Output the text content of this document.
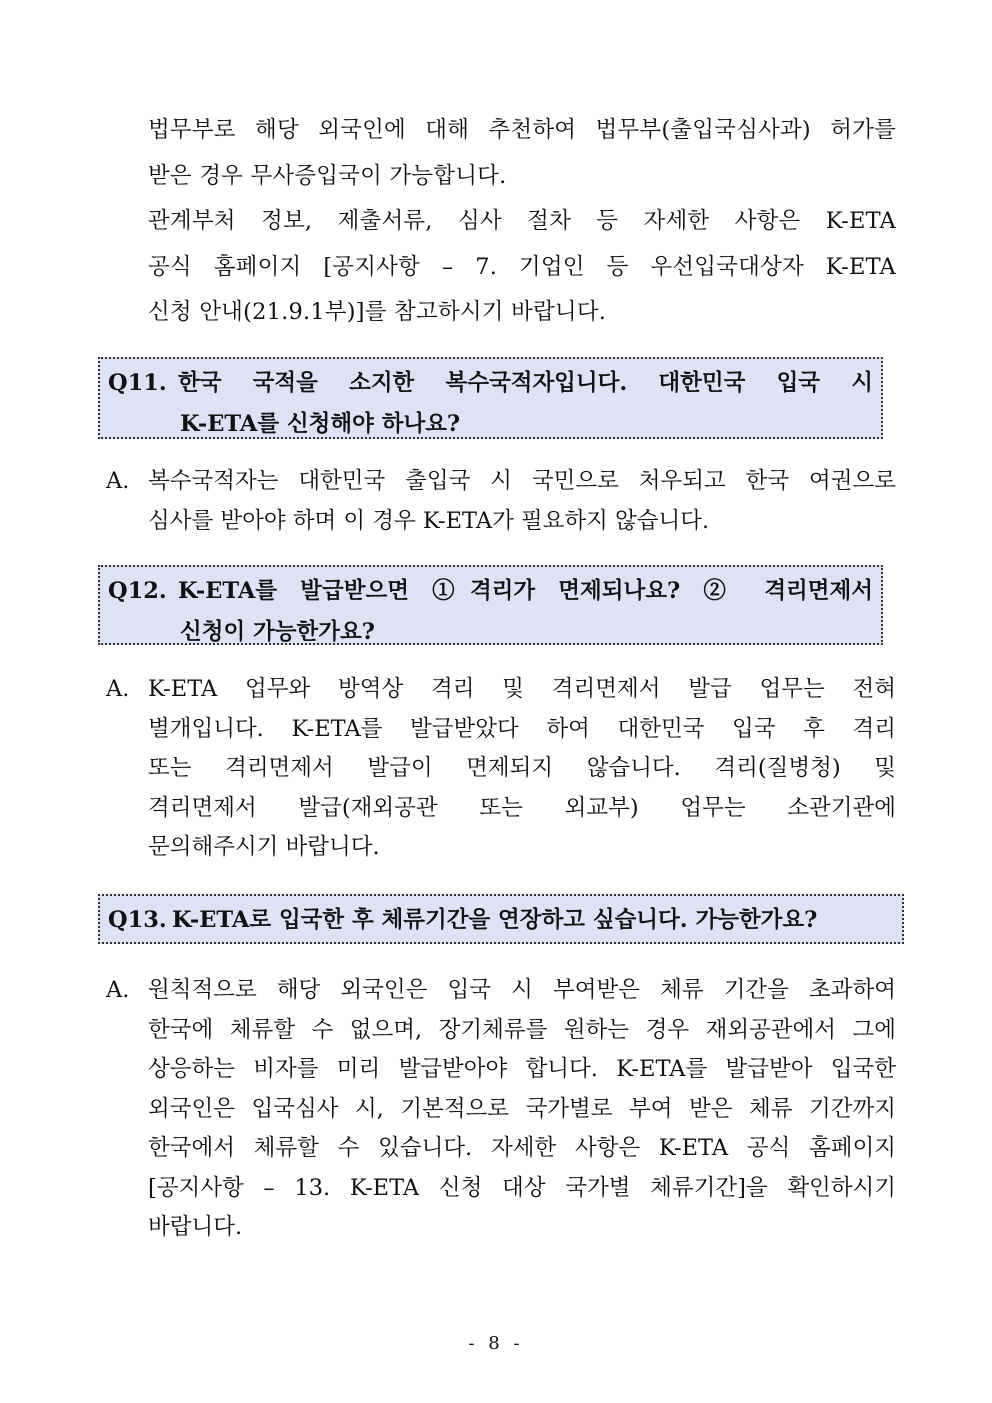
법무부로 해당 외국인에 대해 추천하여 법무부(출입국심사과) 허가를
받은 경우 무사증입국이 가능합니다.
관계부처 정보, 제출서류, 심사 절차 등 자세한 사항은 K-ETA
공식 홈페이지 [공지사항 – 7. 기업인 등 우선입국대상자 K-ETA
신청 안내(21.9.1부)]를 참고하시기 바랍니다.
Q11. 한국 국적을 소지한 복수국적자입니다. 대한민국 입국 시
K-ETA를 신청해야 하나요?
A. 복수국적자는 대한민국 출입국 시 국민으로 처우되고 한국 여권으로
심사를 받아야 하며 이 경우 K-ETA가 필요하지 않습니다.
Q12. K-ETA를 발급받으면 ①격리가 면제되나요? ② 격리면제서
신청이 가능한가요?
A. K-ETA 업무와 방역상 격리 및 격리면제서 발급 업무는 전혀
별개입니다. K-ETA를 발급받았다 하여 대한민국 입국 후 격리
또는 격리면제서 발급이 면제되지 않습니다. 격리(질병청) 및
격리면제서 발급(재외공관 또는 외교부) 업무는 소관기관에
문의해주시기 바랍니다.
Q13. K-ETA로 입국한 후 체류기간을 연장하고 싶습니다. 가능한가요?
A. 원칙적으로 해당 외국인은 입국 시 부여받은 체류 기간을 초과하여
한국에 체류할 수 없으며, 장기체류를 원하는 경우 재외공관에서 그에
상응하는 비자를 미리 발급받아야 합니다. K-ETA를 발급받아 입국한
외국인은 입국심사 시, 기본적으로 국가별로 부여 받은 체류 기간까지
한국에서 체류할 수 있습니다. 자세한 사항은 K-ETA 공식 홈페이지
[공지사항 – 13. K-ETA 신청 대상 국가별 체류기간]을 확인하시기
바랍니다.
- 8 -
